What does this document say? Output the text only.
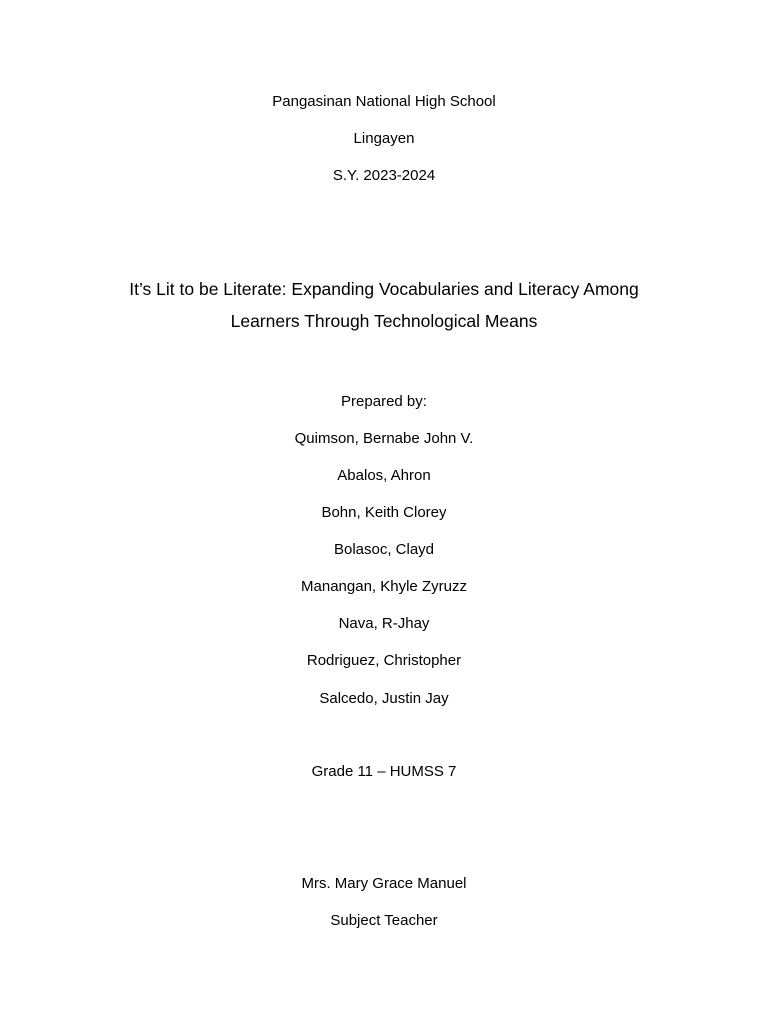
Pangasinan National High School
Lingayen
S.Y. 2023-2024
It’s Lit to be Literate: Expanding Vocabularies and Literacy Among
Learners Through Technological Means
Prepared by:
Quimson, Bernabe John V.
Abalos, Ahron
Bohn, Keith Clorey
Bolasoc, Clayd
Manangan, Khyle Zyruzz
Nava, R-Jhay
Rodriguez, Christopher
Salcedo, Justin Jay
Grade 11 – HUMSS 7
Mrs. Mary Grace Manuel
Subject Teacher
